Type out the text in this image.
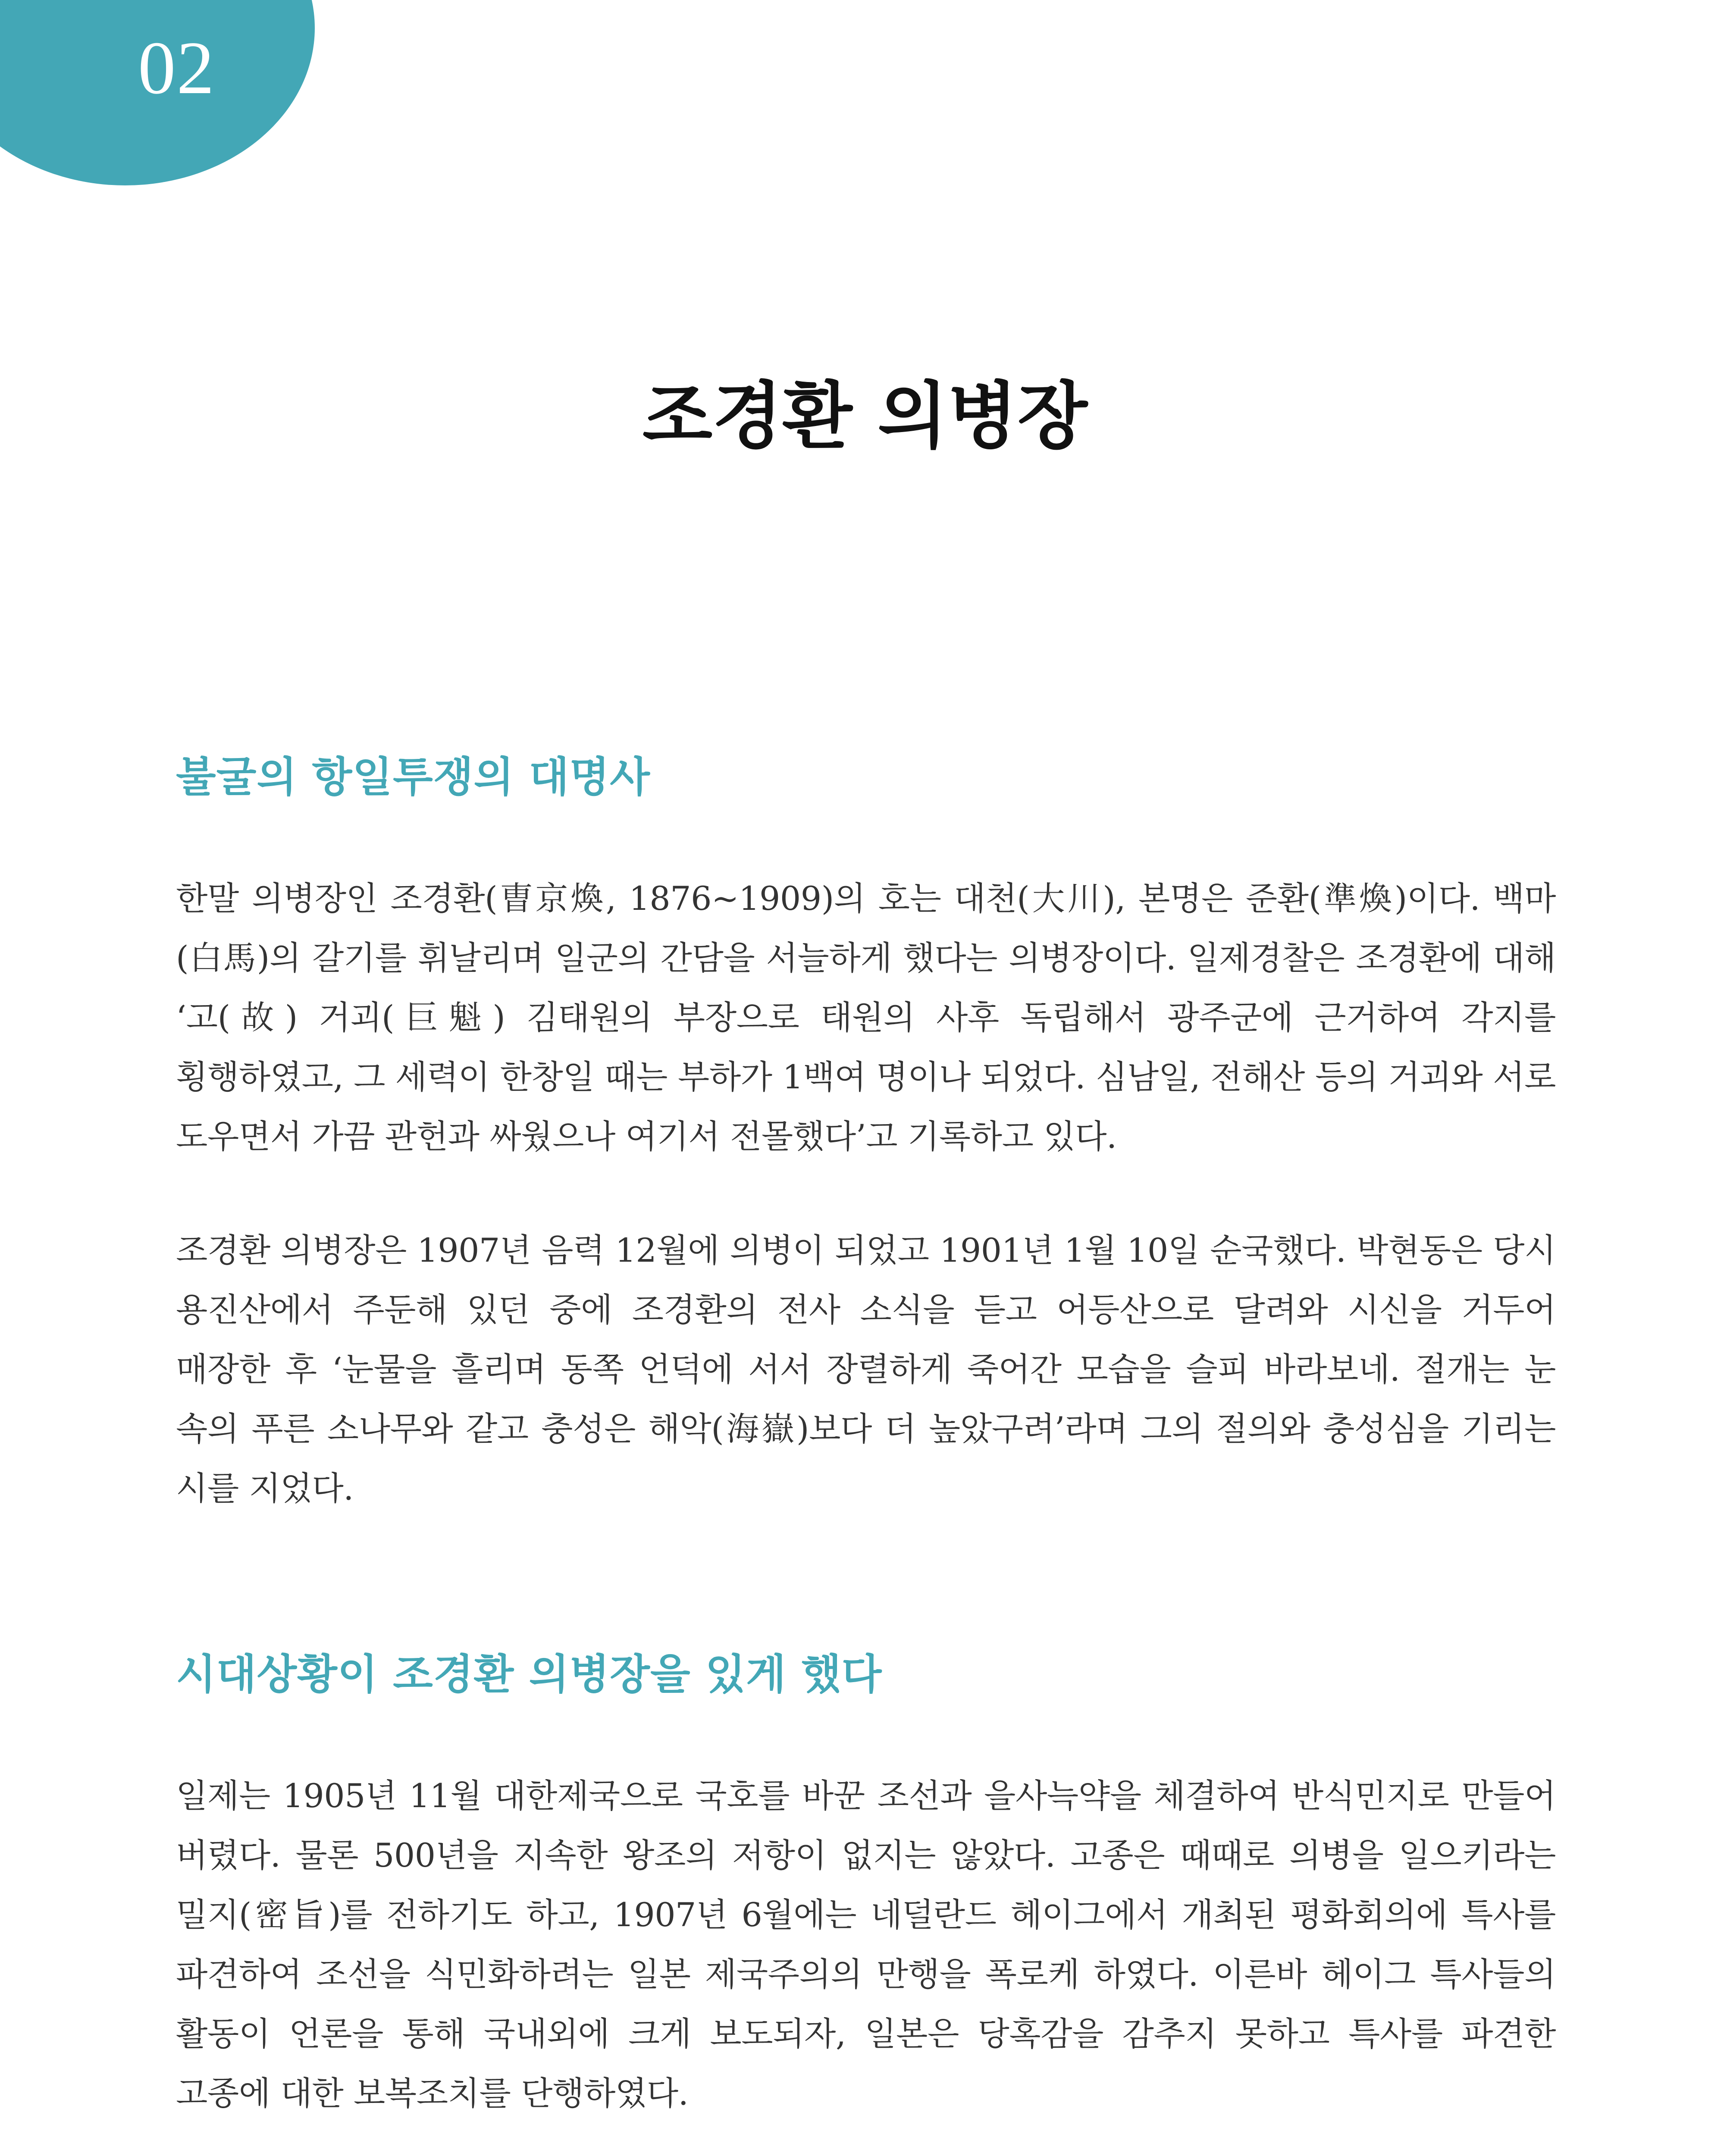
02
조경환 의병장
불굴의 항일투쟁의 대명사

한말 의병장인 조경환(曺京煥, 1876~1909)의 호는 대천(大川), 본명은 준환(準煥)이다. 백마(白馬)의 갈기를 휘날리며 일군의 간담을 서늘하게 했다는 의병장이다. 일제경찰은 조경환에 대해 ‘고(故) 거괴(巨魁) 김태원의 부장으로 태원의 사후 독립해서 광주군에 근거하여 각지를 횡행하였고, 그 세력이 한창일 때는 부하가 1백여 명이나 되었다. 심남일, 전해산 등의 거괴와 서로 도우면서 가끔 관헌과 싸웠으나 여기서 전몰했다’고 기록하고 있다.

조경환 의병장은 1907년 음력 12월에 의병이 되었고 1901년 1월 10일 순국했다. 박현동은 당시 용진산에서 주둔해 있던 중에 조경환의 전사 소식을 듣고 어등산으로 달려와 시신을 거두어 매장한 후 ‘눈물을 흘리며 동쪽 언덕에 서서 장렬하게 죽어간 모습을 슬피 바라보네. 절개는 눈 속의 푸른 소나무와 같고 충성은 해악(海嶽)보다 더 높았구려’라며 그의 절의와 충성심을 기리는 시를 지었다.

시대상황이 조경환 의병장을 있게 했다

일제는 1905년 11월 대한제국으로 국호를 바꾼 조선과 을사늑약을 체결하여 반식민지로 만들어 버렸다. 물론 500년을 지속한 왕조의 저항이 없지는 않았다. 고종은 때때로 의병을 일으키라는 밀지(密旨)를 전하기도 하고, 1907년 6월에는 네덜란드 헤이그에서 개최된 평화회의에 특사를 파견하여 조선을 식민화하려는 일본 제국주의의 만행을 폭로케 하였다. 이른바 헤이그 특사들의 활동이 언론을 통해 국내외에 크게 보도되자, 일본은 당혹감을 감추지 못하고 특사를 파견한 고종에 대한 보복조치를 단행하였다.
